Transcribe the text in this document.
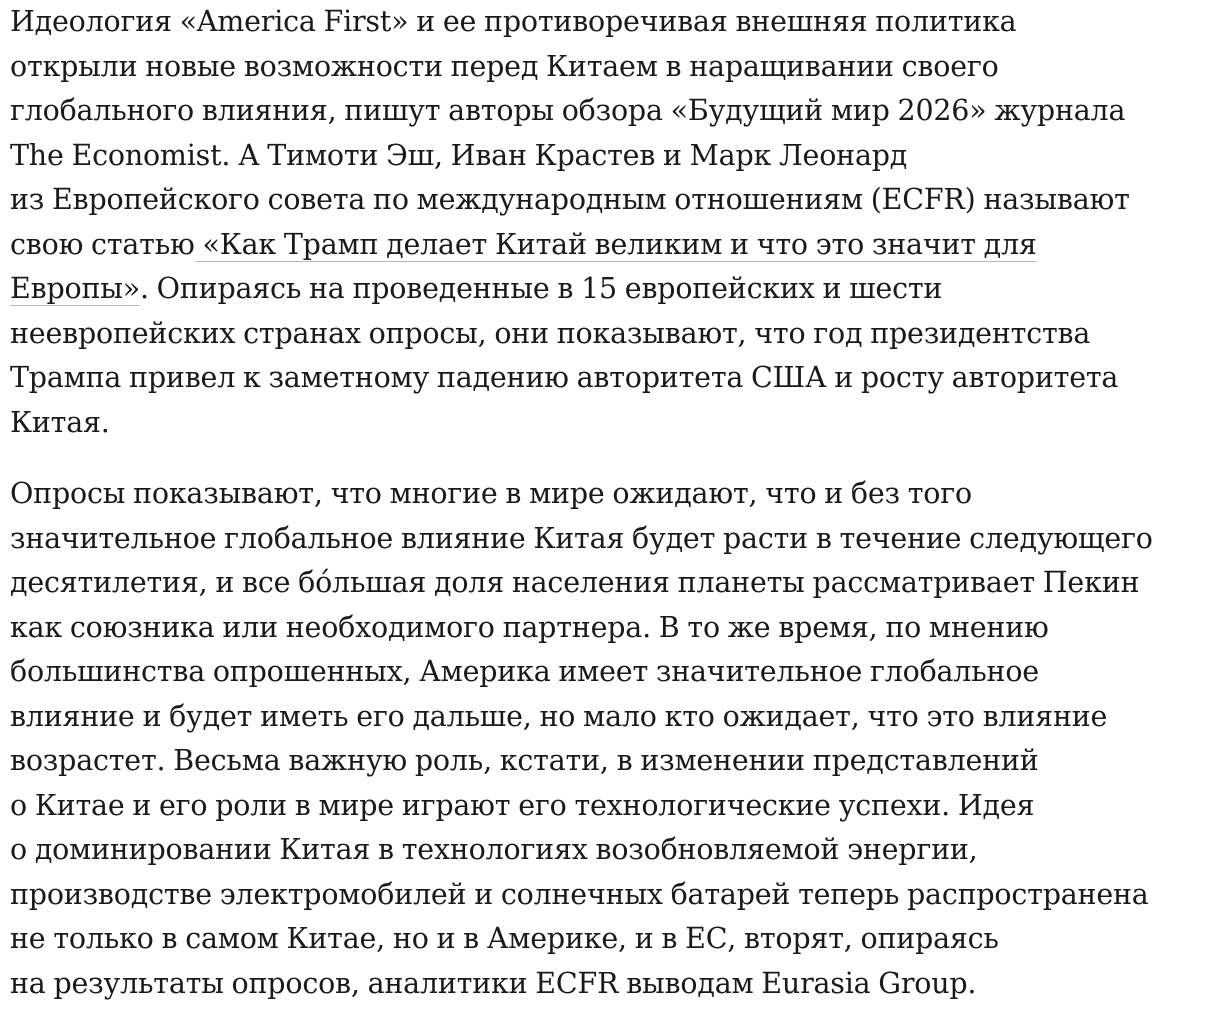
Идеология «America First» и ее противоречивая внешняя политика
открыли новые возможности перед Китаем в наращивании своего
глобального влияния, пишут авторы обзора «Будущий мир 2026» журнала
The Economist. А Тимоти Эш, Иван Крастев и Марк Леонард
из Европейского совета по международным отношениям (ECFR) называют
свою статью «Как Трамп делает Китай великим и что это значит для
Европы». Опираясь на проведенные в 15 европейских и шести
неевропейских странах опросы, они показывают, что год президентства
Трампа привел к заметному падению авторитета США и росту авторитета
Китая.

Опросы показывают, что многие в мире ожидают, что и без того
значительное глобальное влияние Китая будет расти в течение следующего
десятилетия, и все бóльшая доля населения планеты рассматривает Пекин
как союзника или необходимого партнера. В то же время, по мнению
большинства опрошенных, Америка имеет значительное глобальное
влияние и будет иметь его дальше, но мало кто ожидает, что это влияние
возрастет. Весьма важную роль, кстати, в изменении представлений
о Китае и его роли в мире играют его технологические успехи. Идея
о доминировании Китая в технологиях возобновляемой энергии,
производстве электромобилей и солнечных батарей теперь распространена
не только в самом Китае, но и в Америке, и в ЕС, вторят, опираясь
на результаты опросов, аналитики ECFR выводам Eurasia Group.
